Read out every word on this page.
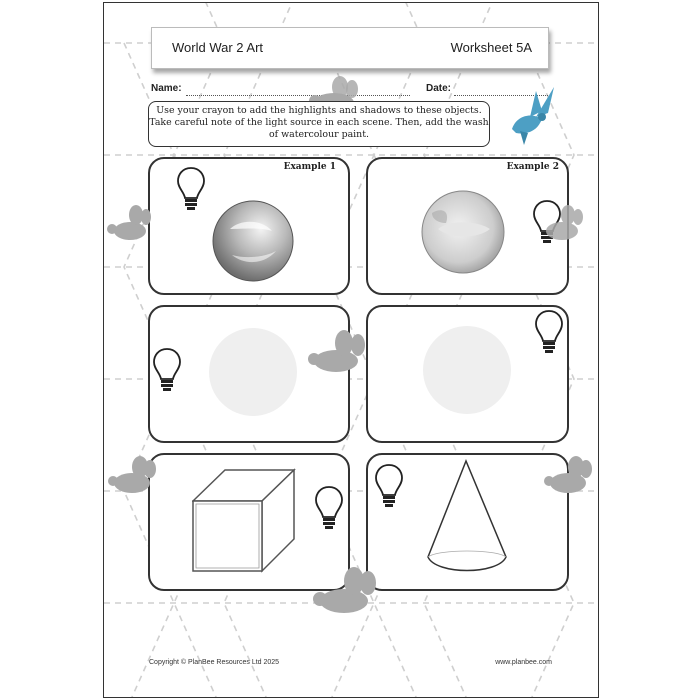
World War 2 Art	Worksheet 5A
Name:	Date:
Use your crayon to add the highlights and shadows to these objects.
Take careful note of the light source in each scene. Then, add the wash
of watercolour paint.
Example 1	Example 2
Copyright © PlanBee Resources Ltd 2025	www.planbee.com
